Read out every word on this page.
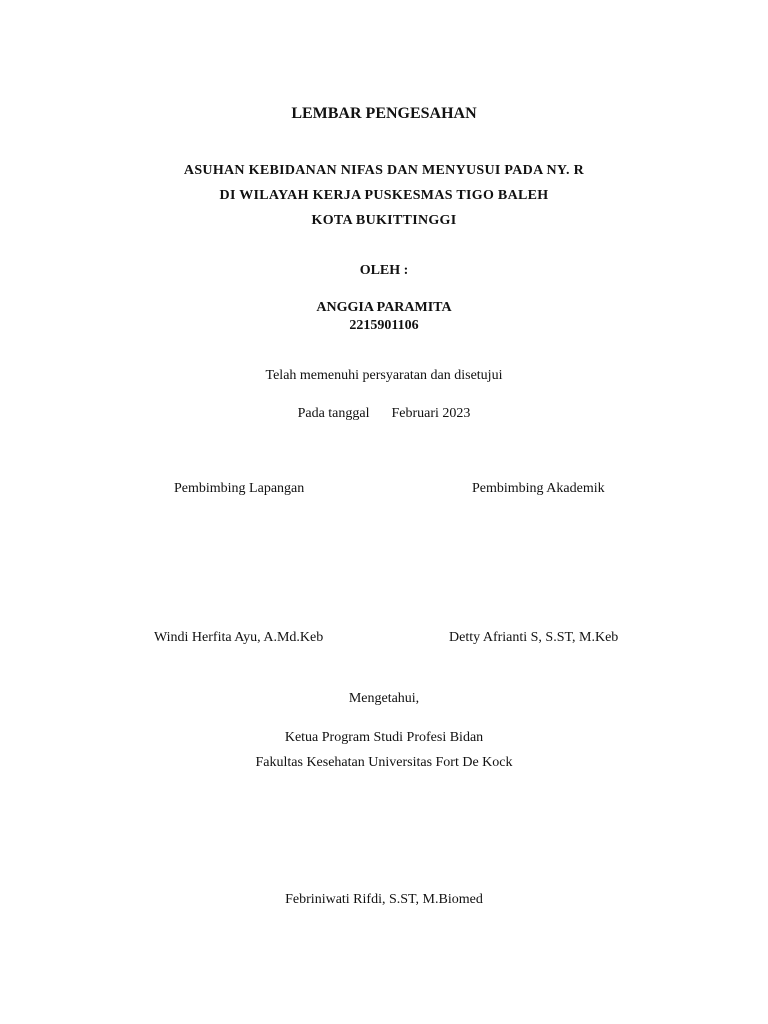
LEMBAR PENGESAHAN
ASUHAN KEBIDANAN NIFAS DAN MENYUSUI PADA NY. R
DI WILAYAH KERJA PUSKESMAS TIGO BALEH
KOTA BUKITTINGGI
OLEH :
ANGGIA PARAMITA
2215901106
Telah memenuhi persyaratan dan disetujui
Pada tanggal Februari 2023
Pembimbing Lapangan	Pembimbing Akademik
Windi Herfita Ayu, A.Md.Keb	Detty Afrianti S, S.ST, M.Keb
Mengetahui,
Ketua Program Studi Profesi Bidan
Fakultas Kesehatan Universitas Fort De Kock
Febriniwati Rifdi, S.ST, M.Biomed
